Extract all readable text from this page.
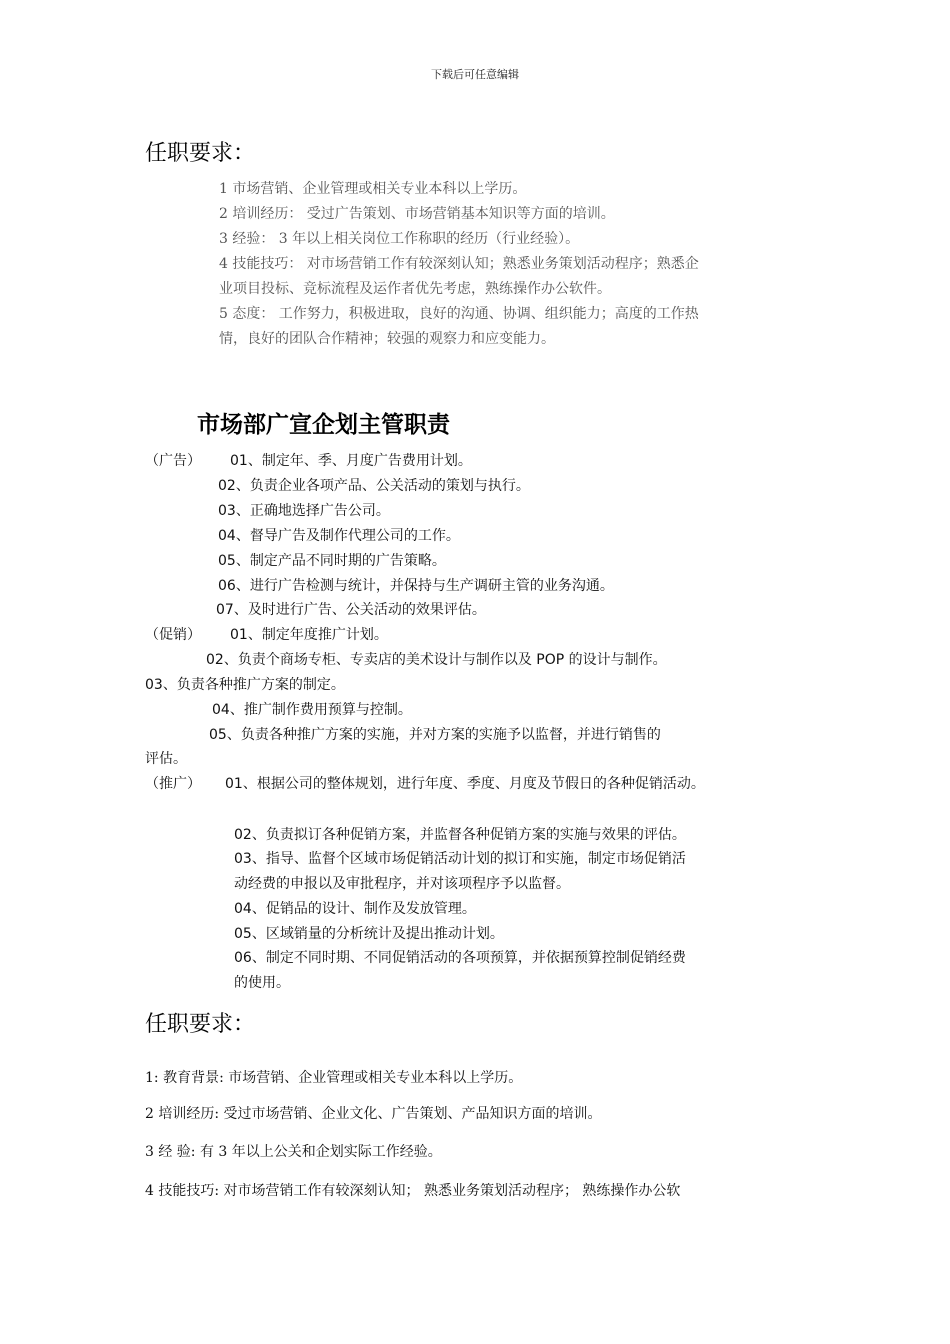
下载后可任意编辑
任职要求：
1 市场营销、企业管理或相关专业本科以上学历。
2 培训经历： 受过广告策划、市场营销基本知识等方面的培训。
3 经验： 3 年以上相关岗位工作称职的经历（行业经验）。
4 技能技巧： 对市场营销工作有较深刻认知；熟悉业务策划活动程序；熟悉企
业项目投标、竞标流程及运作者优先考虑，熟练操作办公软件。
5 态度： 工作努力，积极进取，良好的沟通、协调、组织能力；高度的工作热
情，良好的团队合作精神；较强的观察力和应变能力。
市场部广宣企划主管职责
（广告） 01、制定年、季、月度广告费用计划。
02、负责企业各项产品、公关活动的策划与执行。
03、正确地选择广告公司。
04、督导广告及制作代理公司的工作。
05、制定产品不同时期的广告策略。
06、进行广告检测与统计，并保持与生产调研主管的业务沟通。
07、及时进行广告、公关活动的效果评估。
（促销） 01、制定年度推广计划。
02、负责个商场专柜、专卖店的美术设计与制作以及 POP 的设计与制作。
03、负责各种推广方案的制定。
04、推广制作费用预算与控制。
05、负责各种推广方案的实施，并对方案的实施予以监督，并进行销售的
评估。
（推广） 01、根据公司的整体规划，进行年度、季度、月度及节假日的各种促销活动。
02、负责拟订各种促销方案，并监督各种促销方案的实施与效果的评估。
03、指导、监督个区域市场促销活动计划的拟订和实施，制定市场促销活
动经费的申报以及审批程序，并对该项程序予以监督。
04、促销品的设计、制作及发放管理。
05、区域销量的分析统计及提出推动计划。
06、制定不同时期、不同促销活动的各项预算，并依据预算控制促销经费
的使用。
任职要求：
1: 教育背景: 市场营销、企业管理或相关专业本科以上学历。
2 培训经历: 受过市场营销、企业文化、广告策划、产品知识方面的培训。
3 经 验: 有 3 年以上公关和企划实际工作经验。
4 技能技巧: 对市场营销工作有较深刻认知； 熟悉业务策划活动程序； 熟练操作办公软
